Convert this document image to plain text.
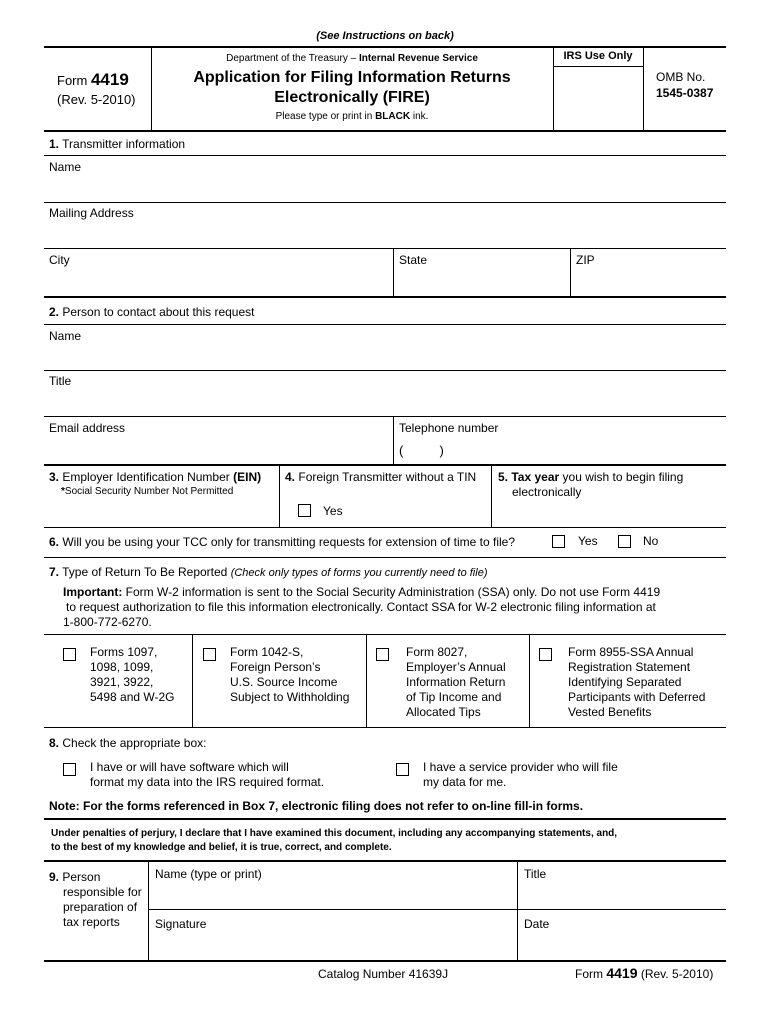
(See Instructions on back)
Form 4419
(Rev. 5-2010)
Department of the Treasury – Internal Revenue Service
Application for Filing Information Returns
Electronically (FIRE)
Please type or print in BLACK ink.
IRS Use Only
OMB No.
1545-0387
1. Transmitter information
Name
Mailing Address
City	State	ZIP
2. Person to contact about this request
Name
Title
Email address	Telephone number
(          )
3. Employer Identification Number (EIN)
*Social Security Number Not Permitted
4. Foreign Transmitter without a TIN
Yes
5. Tax year you wish to begin filing
electronically
6. Will you be using your TCC only for transmitting requests for extension of time to file?	Yes	No
7. Type of Return To Be Reported (Check only types of forms you currently need to file)
Important: Form W-2 information is sent to the Social Security Administration (SSA) only. Do not use Form 4419
to request authorization to file this information electronically. Contact SSA for W-2 electronic filing information at
1-800-772-6270.
Forms 1097,
1098, 1099,
3921, 3922,
5498 and W-2G
Form 1042-S,
Foreign Person’s
U.S. Source Income
Subject to Withholding
Form 8027,
Employer’s Annual
Information Return
of Tip Income and
Allocated Tips
Form 8955-SSA Annual
Registration Statement
Identifying Separated
Participants with Deferred
Vested Benefits
8. Check the appropriate box:
I have or will have software which will
format my data into the IRS required format.
I have a service provider who will file
my data for me.
Note: For the forms referenced in Box 7, electronic filing does not refer to on-line fill-in forms.
Under penalties of perjury, I declare that I have examined this document, including any accompanying statements, and,
to the best of my knowledge and belief, it is true, correct, and complete.
9. Person
responsible for
preparation of
tax reports
Name (type or print)	Title
Signature	Date
Catalog Number 41639J	Form 4419 (Rev. 5-2010)
